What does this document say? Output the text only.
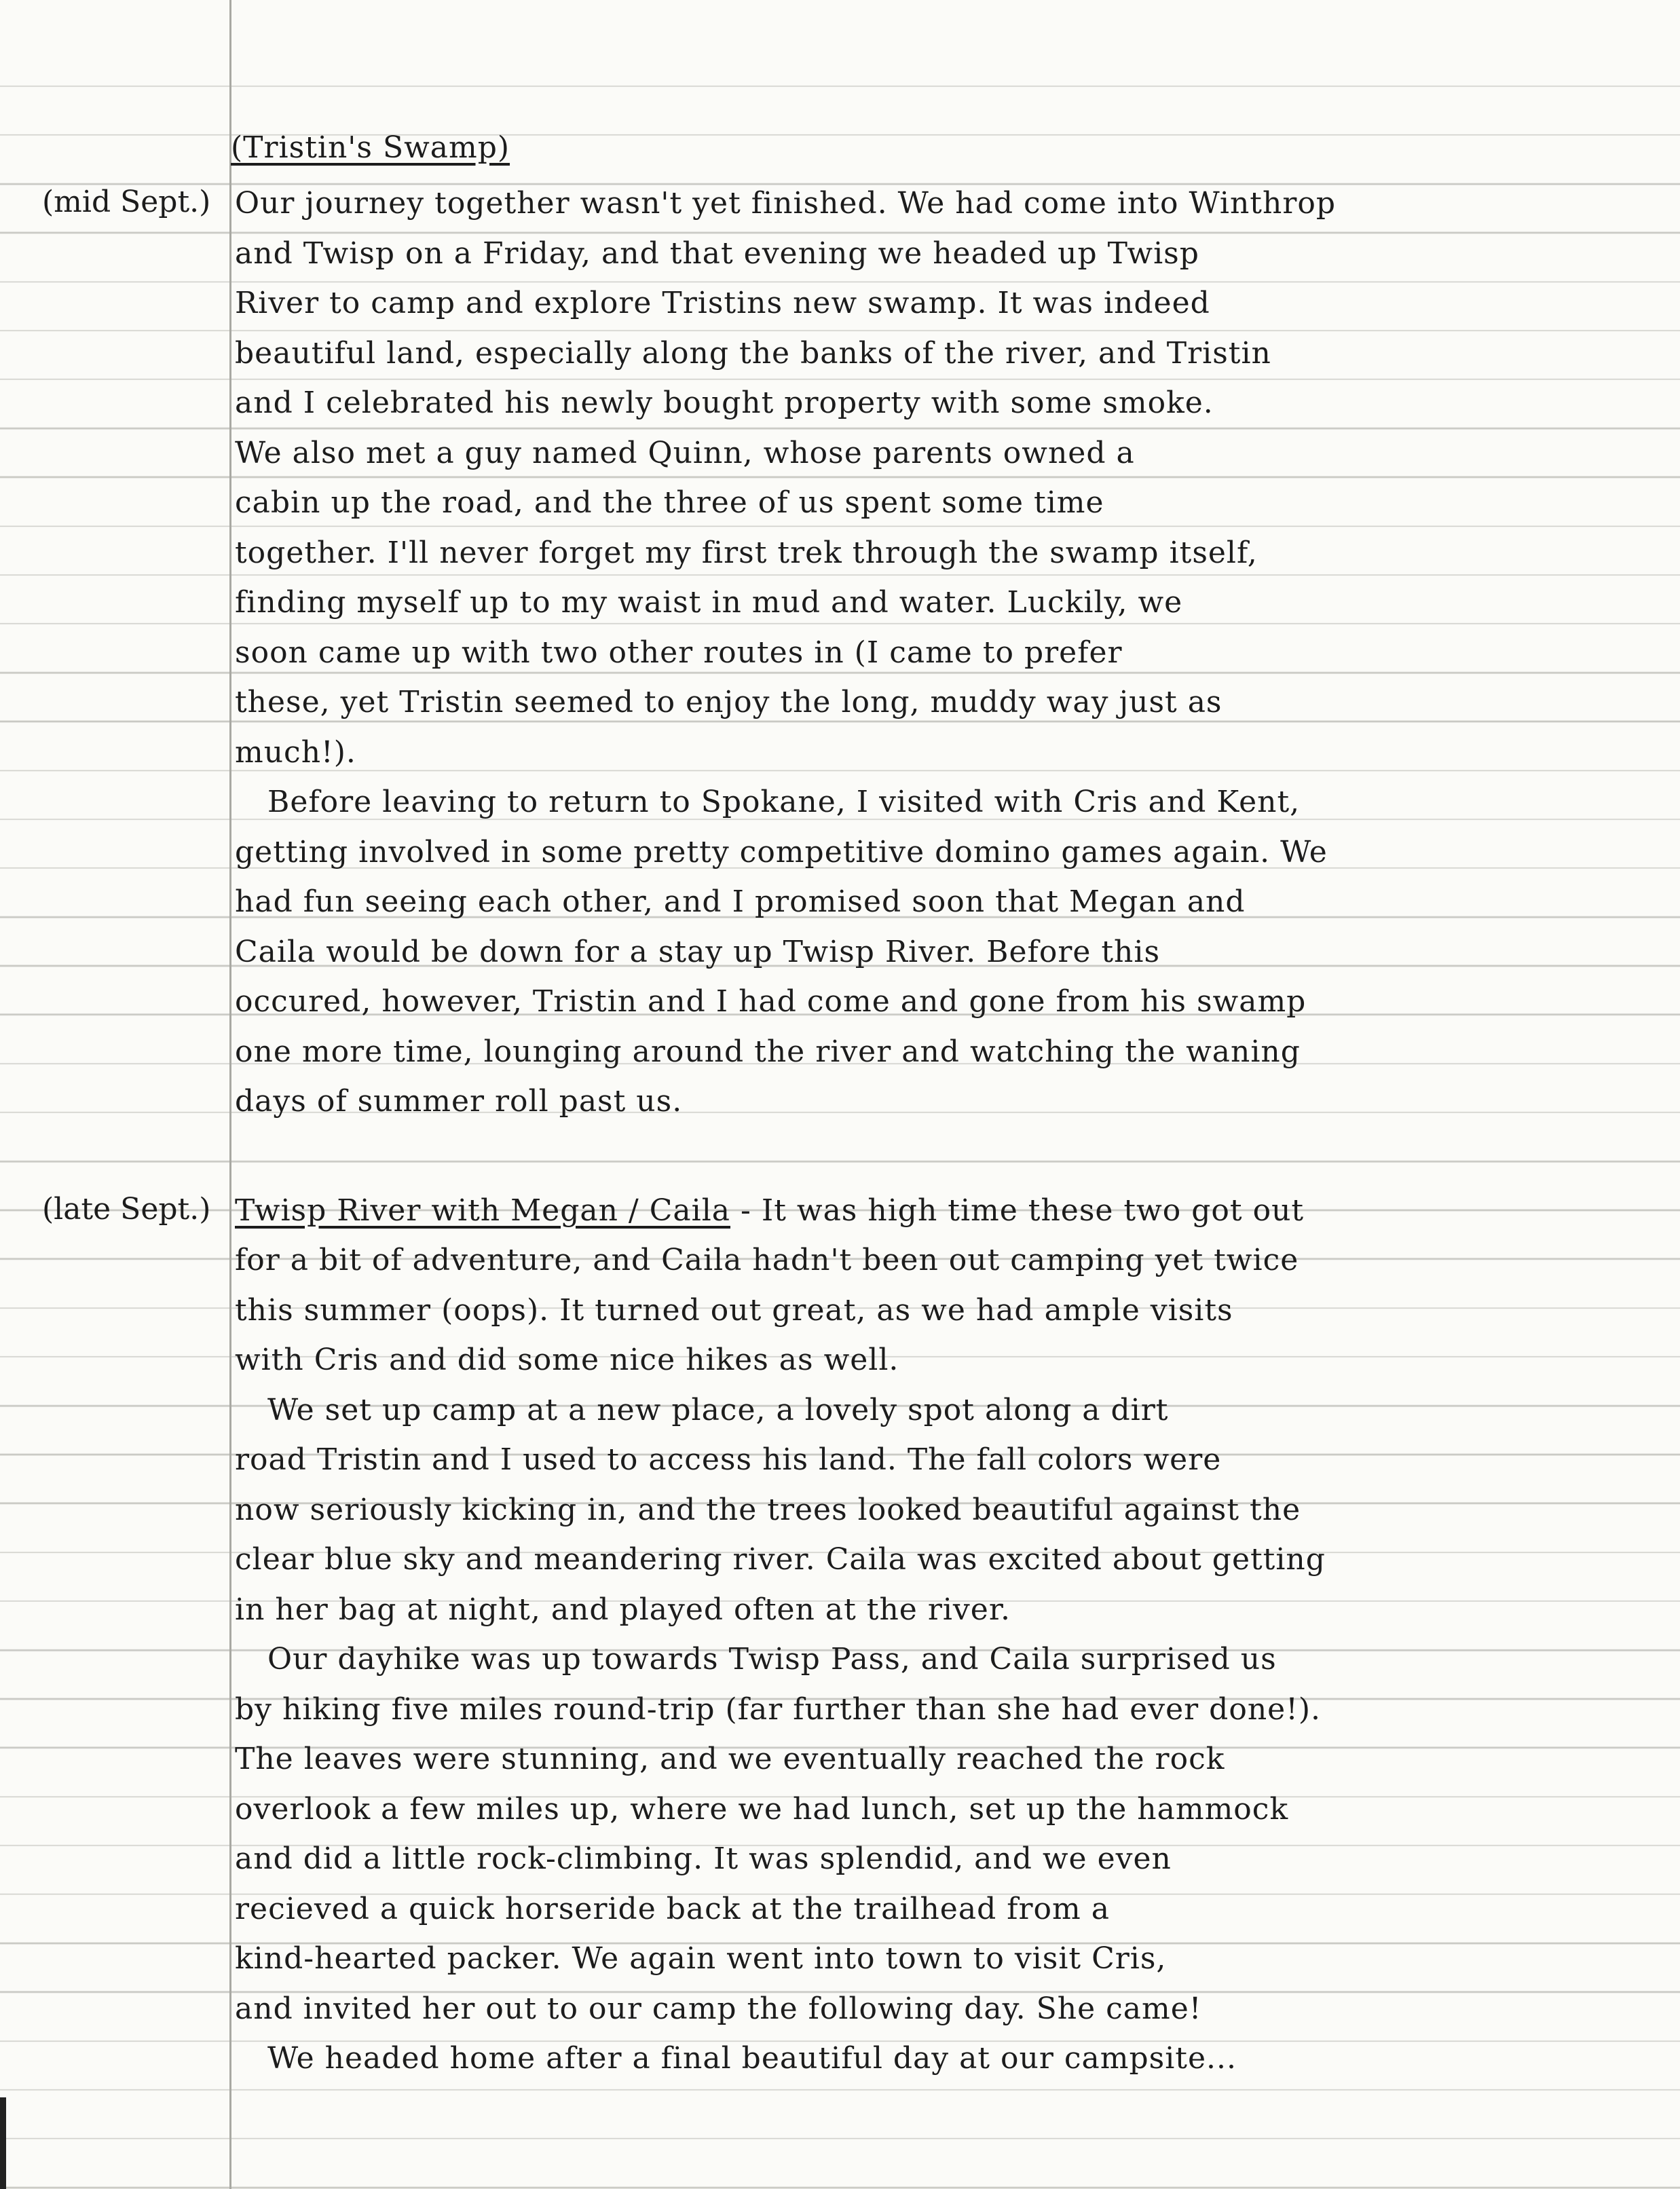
(Tristin's Swamp)
(mid Sept.) Our journey together wasn't yet finished. We had come into Winthrop
and Twisp on a Friday, and that evening we headed up Twisp
River to camp and explore Tristins new swamp. It was indeed
beautiful land, especially along the banks of the river, and Tristin
and I celebrated his newly bought property with some smoke.
We also met a guy named Quinn, whose parents owned a
cabin up the road, and the three of us spent some time
together. I'll never forget my first trek through the swamp itself,
finding myself up to my waist in mud and water. Luckily, we
soon came up with two other routes in (I came to prefer
these, yet Tristin seemed to enjoy the long, muddy way just as
much!).
Before leaving to return to Spokane, I visited with Cris and Kent,
getting involved in some pretty competitive domino games again. We
had fun seeing each other, and I promised soon that Megan and
Caila would be down for a stay up Twisp River. Before this
occured, however, Tristin and I had come and gone from his swamp
one more time, lounging around the river and watching the waning
days of summer roll past us.
(late Sept.) Twisp River with Megan / Caila - It was high time these two got out
for a bit of adventure, and Caila hadn't been out camping yet twice
this summer (oops). It turned out great, as we had ample visits
with Cris and did some nice hikes as well.
We set up camp at a new place, a lovely spot along a dirt
road Tristin and I used to access his land. The fall colors were
now seriously kicking in, and the trees looked beautiful against the
clear blue sky and meandering river. Caila was excited about getting
in her bag at night, and played often at the river.
Our dayhike was up towards Twisp Pass, and Caila surprised us
by hiking five miles round-trip (far further than she had ever done!).
The leaves were stunning, and we eventually reached the rock
overlook a few miles up, where we had lunch, set up the hammock
and did a little rock-climbing. It was splendid, and we even
recieved a quick horseride back at the trailhead from a
kind-hearted packer. We again went into town to visit Cris,
and invited her out to our camp the following day. She came!
We headed home after a final beautiful day at our campsite...
